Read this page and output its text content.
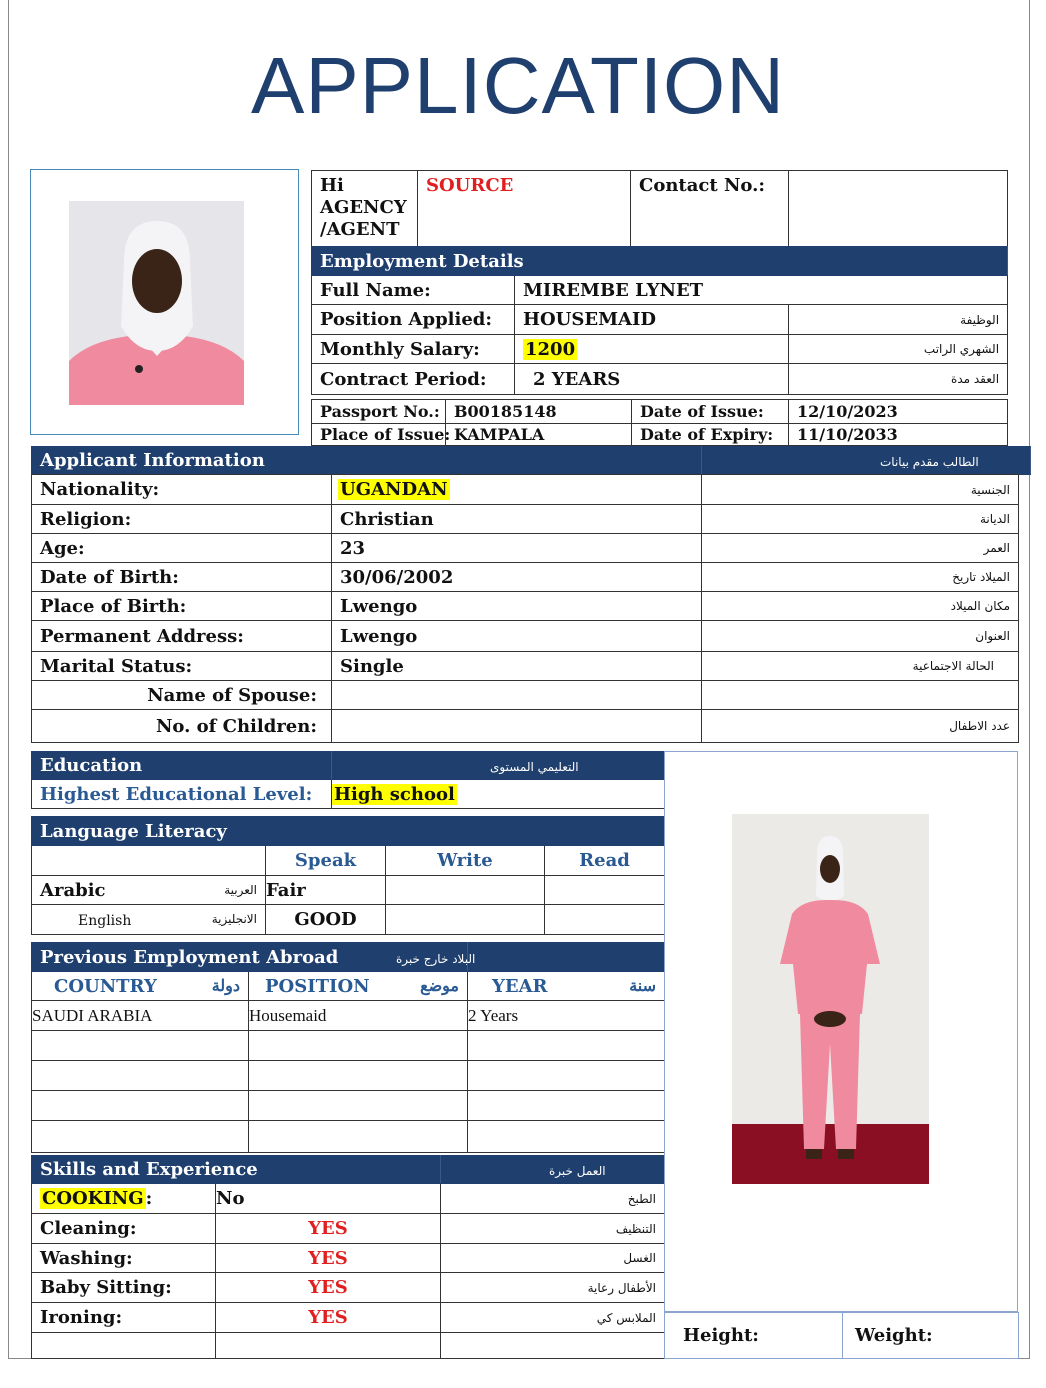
APPLICATION
Hi AGENCY /AGENT	SOURCE	Contact No.:	
Employment Details		
Full Name:	MIREMBE LYNET	
Position Applied:	HOUSEMAID	الوظيفة
Monthly Salary:	1200	الشهري الراتب
Contract Period:	2 YEARS	العقد مدة
Passport No.:	B00185148	Date of Issue:	12/10/2023
Place of Issue:	KAMPALA	Date of Expiry:	11/10/2033
Applicant Information	الطالب مقدم بيانات
Nationality:	UGANDAN	الجنسية
Religion:	Christian	الديانة
Age:	23	العمر
Date of Birth:	30/06/2002	الميلاد تاريخ
Place of Birth:	Lwengo	مكان الميلاد
Permanent Address:	Lwengo	العنوان
Marital Status:	Single	الحالة الاجتماعية
Name of Spouse:		
No. of Children:		عدد الاطفال
Education	التعليمي المستوى
Highest Educational Level:	High school
Language Literacy			
	Speak	Write	Read
Arabic العربية	Fair		
English الانجليزية	GOOD		
Previous Employment Abroad		البلاد خارج خبرة
COUNTRY دولة	POSITION موضع	YEAR سنة

SAUDI ARABIA	Housemaid	2 Years

Skills and Experience		العمل خبرة
COOKING :	No	الطبخ
Cleaning:	YES	التنظيف
Washing:	YES	الغسل
Baby Sitting:	YES	الأطفال رعاية
Ironing:	YES	الملابس كي

Height:	Weight:
